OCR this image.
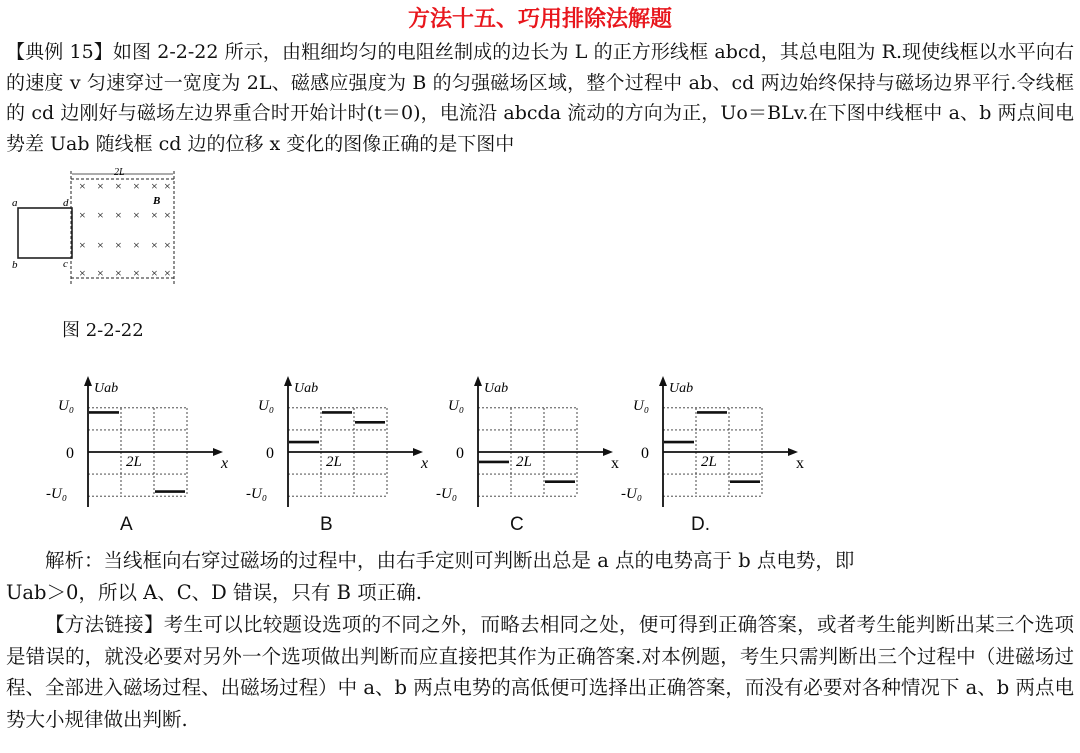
方法十五、巧用排除法解题
【典例 15】如图 2-2-22 所示，由粗细均匀的电阻丝制成的边长为 L 的正方形线框 abcd，其总电阻为 R.现使线框以水平向右的速度 v 匀速穿过一宽度为 2L、磁感应强度为 B 的匀强磁场区域，整个过程中 ab、cd 两边始终保持与磁场边界平行.令线框的 cd 边刚好与磁场左边界重合时开始计时(t＝0)，电流沿 abcda 流动的方向为正，Uo＝BLv.在下图中线框中 a、b 两点间电势差 Uab 随线框 cd 边的位移 x 变化的图像正确的是下图中
2L
a	d
b	c
B
× × × × × ×
× × × × × ×
× × × × × ×
× × × × × ×
图 2-2-22
Uab
U₀
0
-U₀
2L	x
A
Uab
U₀
0
-U₀
2L	x
B
Uab
U₀
0
-U₀
2L	x
C
Uab
U₀
0
-U₀
2L	x
D.
解析：当线框向右穿过磁场的过程中，由右手定则可判断出总是 a 点的电势高于 b 点电势，即
Uab＞0，所以 A、C、D 错误，只有 B 项正确.
【方法链接】考生可以比较题设选项的不同之外，而略去相同之处，便可得到正确答案，或者考生能判断出某三个选项是错误的，就没必要对另外一个选项做出判断而应直接把其作为正确答案.对本例题，考生只需判断出三个过程中（进磁场过程、全部进入磁场过程、出磁场过程）中 a、b 两点电势的高低便可选择出正确答案，而没有必要对各种情况下 a、b 两点电势大小规律做出判断.
